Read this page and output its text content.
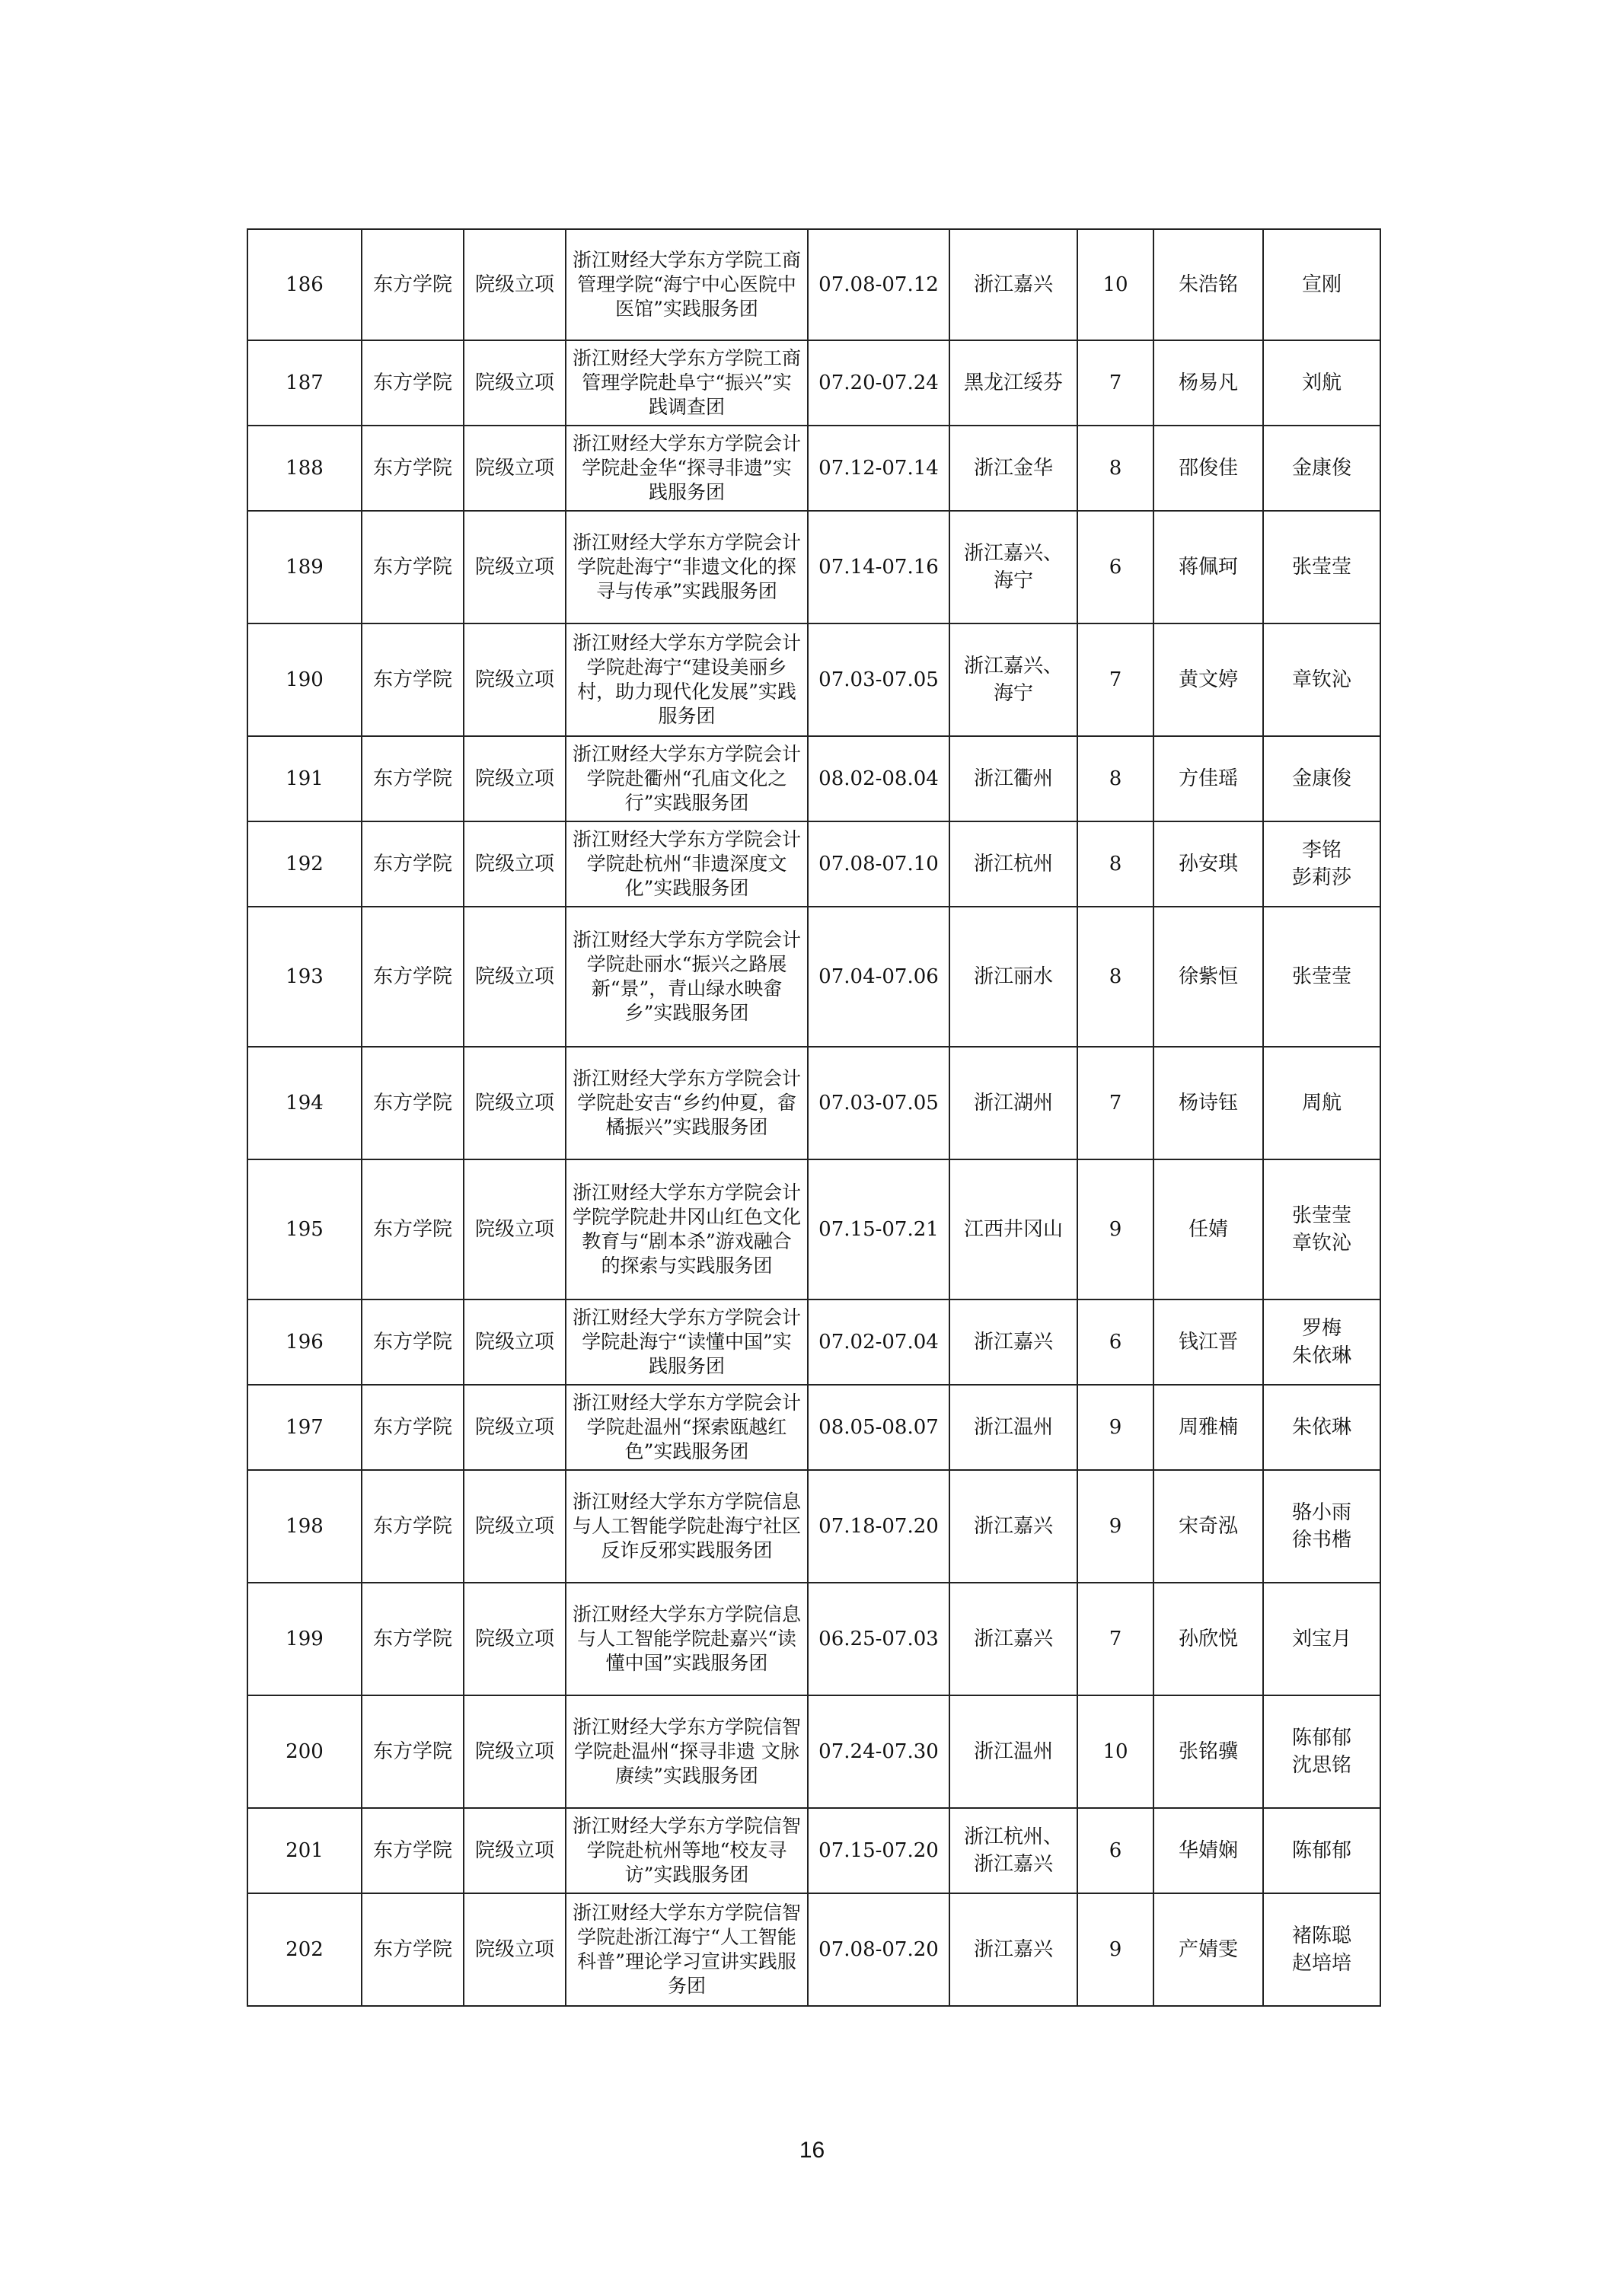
186	东方学院	院级立项	浙江财经大学东方学院工商管理学院“海宁中心医院中医馆”实践服务团	07.08-07.12	浙江嘉兴	10	朱浩铭	宣刚

187	东方学院	院级立项	浙江财经大学东方学院工商管理学院赴阜宁“振兴”实践调查团	07.20-07.24	黑龙江绥芬	7	杨易凡	刘航

188	东方学院	院级立项	浙江财经大学东方学院会计学院赴金华“探寻非遗”实践服务团	07.12-07.14	浙江金华	8	邵俊佳	金康俊

189	东方学院	院级立项	浙江财经大学东方学院会计学院赴海宁“非遗文化的探寻与传承”实践服务团	07.14-07.16	浙江嘉兴、
海宁	6	蒋佩珂	张莹莹

190	东方学院	院级立项	浙江财经大学东方学院会计学院赴海宁“建设美丽乡村，助力现代化发展”实践服务团	07.03-07.05	浙江嘉兴、
海宁	7	黄文婷	章钦沁

191	东方学院	院级立项	浙江财经大学东方学院会计学院赴衢州“孔庙文化之行”实践服务团	08.02-08.04	浙江衢州	8	方佳瑶	金康俊

192	东方学院	院级立项	浙江财经大学东方学院会计学院赴杭州“非遗深度文化”实践服务团	07.08-07.10	浙江杭州	8	孙安琪	李铭
彭莉莎

193	东方学院	院级立项	浙江财经大学东方学院会计学院赴丽水“振兴之路展新“景”，青山绿水映畲乡”实践服务团	07.04-07.06	浙江丽水	8	徐紫恒	张莹莹

194	东方学院	院级立项	浙江财经大学东方学院会计学院赴安吉“乡约仲夏，畲橘振兴”实践服务团	07.03-07.05	浙江湖州	7	杨诗钰	周航

195	东方学院	院级立项	浙江财经大学东方学院会计学院学院赴井冈山红色文化教育与“剧本杀”游戏融合的探索与实践服务团	07.15-07.21	江西井冈山	9	任婧	张莹莹
章钦沁

196	东方学院	院级立项	浙江财经大学东方学院会计学院赴海宁“读懂中国”实践服务团	07.02-07.04	浙江嘉兴	6	钱江晋	罗梅
朱依琳

197	东方学院	院级立项	浙江财经大学东方学院会计学院赴温州“探索瓯越红色”实践服务团	08.05-08.07	浙江温州	9	周雅楠	朱依琳

198	东方学院	院级立项	浙江财经大学东方学院信息与人工智能学院赴海宁社区反诈反邪实践服务团	07.18-07.20	浙江嘉兴	9	宋奇泓	骆小雨
徐书楷

199	东方学院	院级立项	浙江财经大学东方学院信息与人工智能学院赴嘉兴“读懂中国”实践服务团	06.25-07.03	浙江嘉兴	7	孙欣悦	刘宝月

200	东方学院	院级立项	浙江财经大学东方学院信智学院赴温州“探寻非遗 文脉赓续”实践服务团	07.24-07.30	浙江温州	10	张铭骥	陈郁郁
沈思铭

201	东方学院	院级立项	浙江财经大学东方学院信智学院赴杭州等地“校友寻访”实践服务团	07.15-07.20	浙江杭州、
浙江嘉兴	6	华婧娴	陈郁郁

202	东方学院	院级立项	浙江财经大学东方学院信智学院赴浙江海宁“人工智能科普”理论学习宣讲实践服务团	07.08-07.20	浙江嘉兴	9	产婧雯	褚陈聪
赵培培
16
